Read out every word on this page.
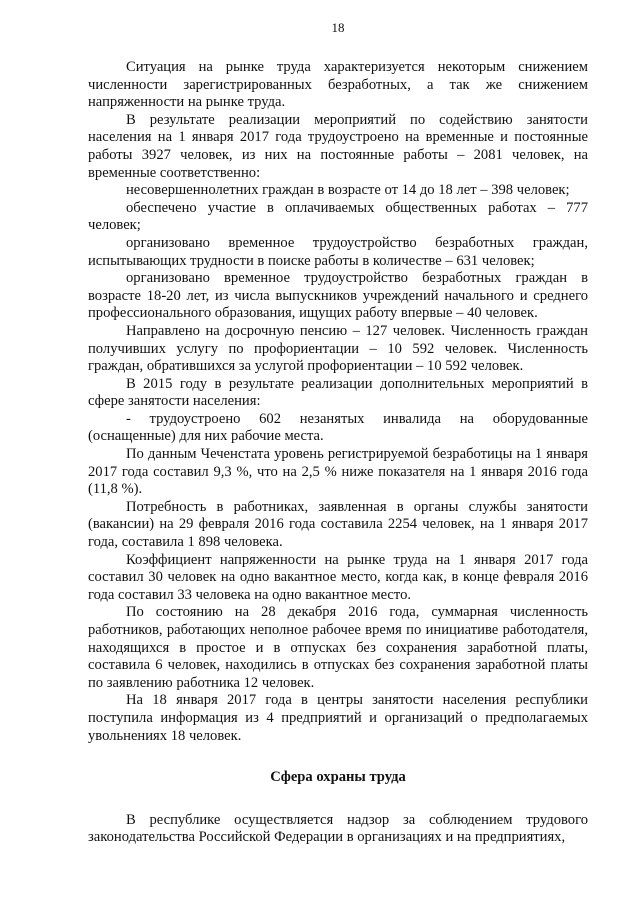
18

Ситуация на рынке труда характеризуется некоторым снижением численности зарегистрированных безработных, а так же снижением напряженности на рынке труда.

В результате реализации мероприятий по содействию занятости населения на 1 января 2017 года трудоустроено на временные и постоянные работы 3927 человек, из них на постоянные работы – 2081 человек, на временные соответственно:

несовершеннолетних граждан в возрасте от 14 до 18 лет – 398 человек;

обеспечено участие в оплачиваемых общественных работах – 777 человек;

организовано временное трудоустройство безработных граждан, испытывающих трудности в поиске работы в количестве – 631 человек;

организовано временное трудоустройство безработных граждан в возрасте 18-20 лет, из числа выпускников учреждений начального и среднего профессионального образования, ищущих работу впервые – 40 человек.

Направлено на досрочную пенсию – 127 человек. Численность граждан получивших услугу по профориентации – 10 592 человек. Численность граждан, обратившихся за услугой профориентации – 10 592 человек.

В 2015 году в результате реализации дополнительных мероприятий в сфере занятости населения:

- трудоустроено 602 незанятых инвалида на оборудованные (оснащенные) для них рабочие места.

По данным Чеченстата уровень регистрируемой безработицы на 1 января 2017 года составил 9,3 %, что на 2,5 % ниже показателя на 1 января 2016 года (11,8 %).

Потребность в работниках, заявленная в органы службы занятости (вакансии) на 29 февраля 2016 года составила 2254 человек, на 1 января 2017 года, составила 1 898 человека.

Коэффициент напряженности на рынке труда на 1 января 2017 года составил 30 человек на одно вакантное место, когда как, в конце февраля 2016 года составил 33 человека на одно вакантное место.

По состоянию на 28 декабря 2016 года, суммарная численность работников, работающих неполное рабочее время по инициативе работодателя, находящихся в простое и в отпусках без сохранения заработной платы, составила 6 человек, находились в отпусках без сохранения заработной платы по заявлению работника 12 человек.

На 18 января 2017 года в центры занятости населения республики поступила информация из 4 предприятий и организаций о предполагаемых увольнениях 18 человек.

Сфера охраны труда

В республике осуществляется надзор за соблюдением трудового законодательства Российской Федерации в организациях и на предприятиях,
